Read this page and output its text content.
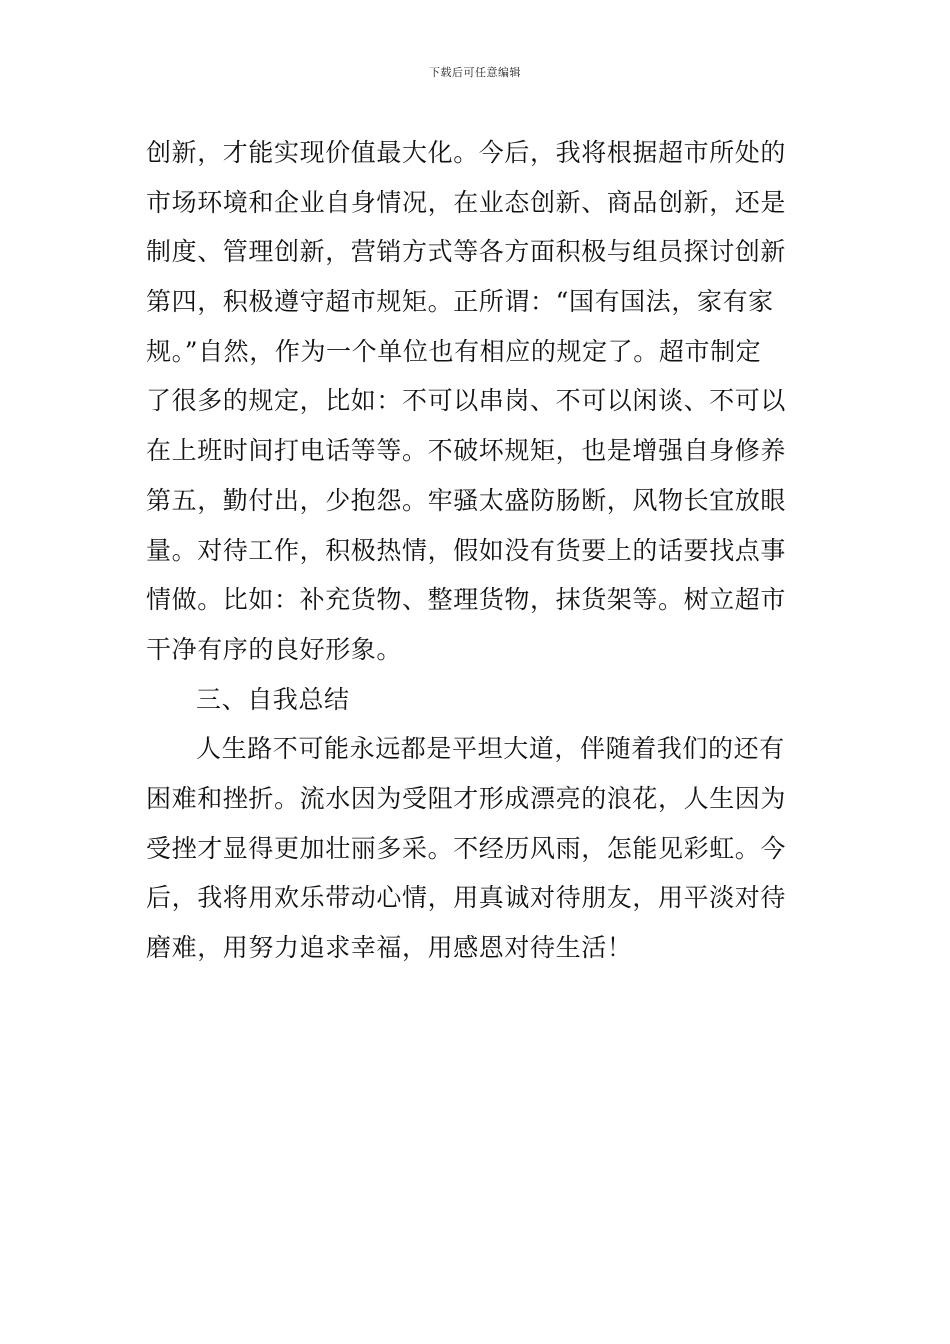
下载后可任意编辑
创新，才能实现价值最大化。今后，我将根据超市所处的
市场环境和企业自身情况，在业态创新、商品创新，还是
制度、管理创新，营销方式等各方面积极与组员探讨创新
第四，积极遵守超市规矩。正所谓：“国有国法，家有家
规。”自然，作为一个单位也有相应的规定了。超市制定
了很多的规定，比如：不可以串岗、不可以闲谈、不可以
在上班时间打电话等等。不破坏规矩，也是增强自身修养
第五，勤付出，少抱怨。牢骚太盛防肠断，风物长宜放眼
量。对待工作，积极热情，假如没有货要上的话要找点事
情做。比如：补充货物、整理货物，抹货架等。树立超市
干净有序的良好形象。
三、自我总结
人生路不可能永远都是平坦大道，伴随着我们的还有
困难和挫折。流水因为受阻才形成漂亮的浪花，人生因为
受挫才显得更加壮丽多采。不经历风雨，怎能见彩虹。今
后，我将用欢乐带动心情，用真诚对待朋友，用平淡对待
磨难，用努力追求幸福，用感恩对待生活！
